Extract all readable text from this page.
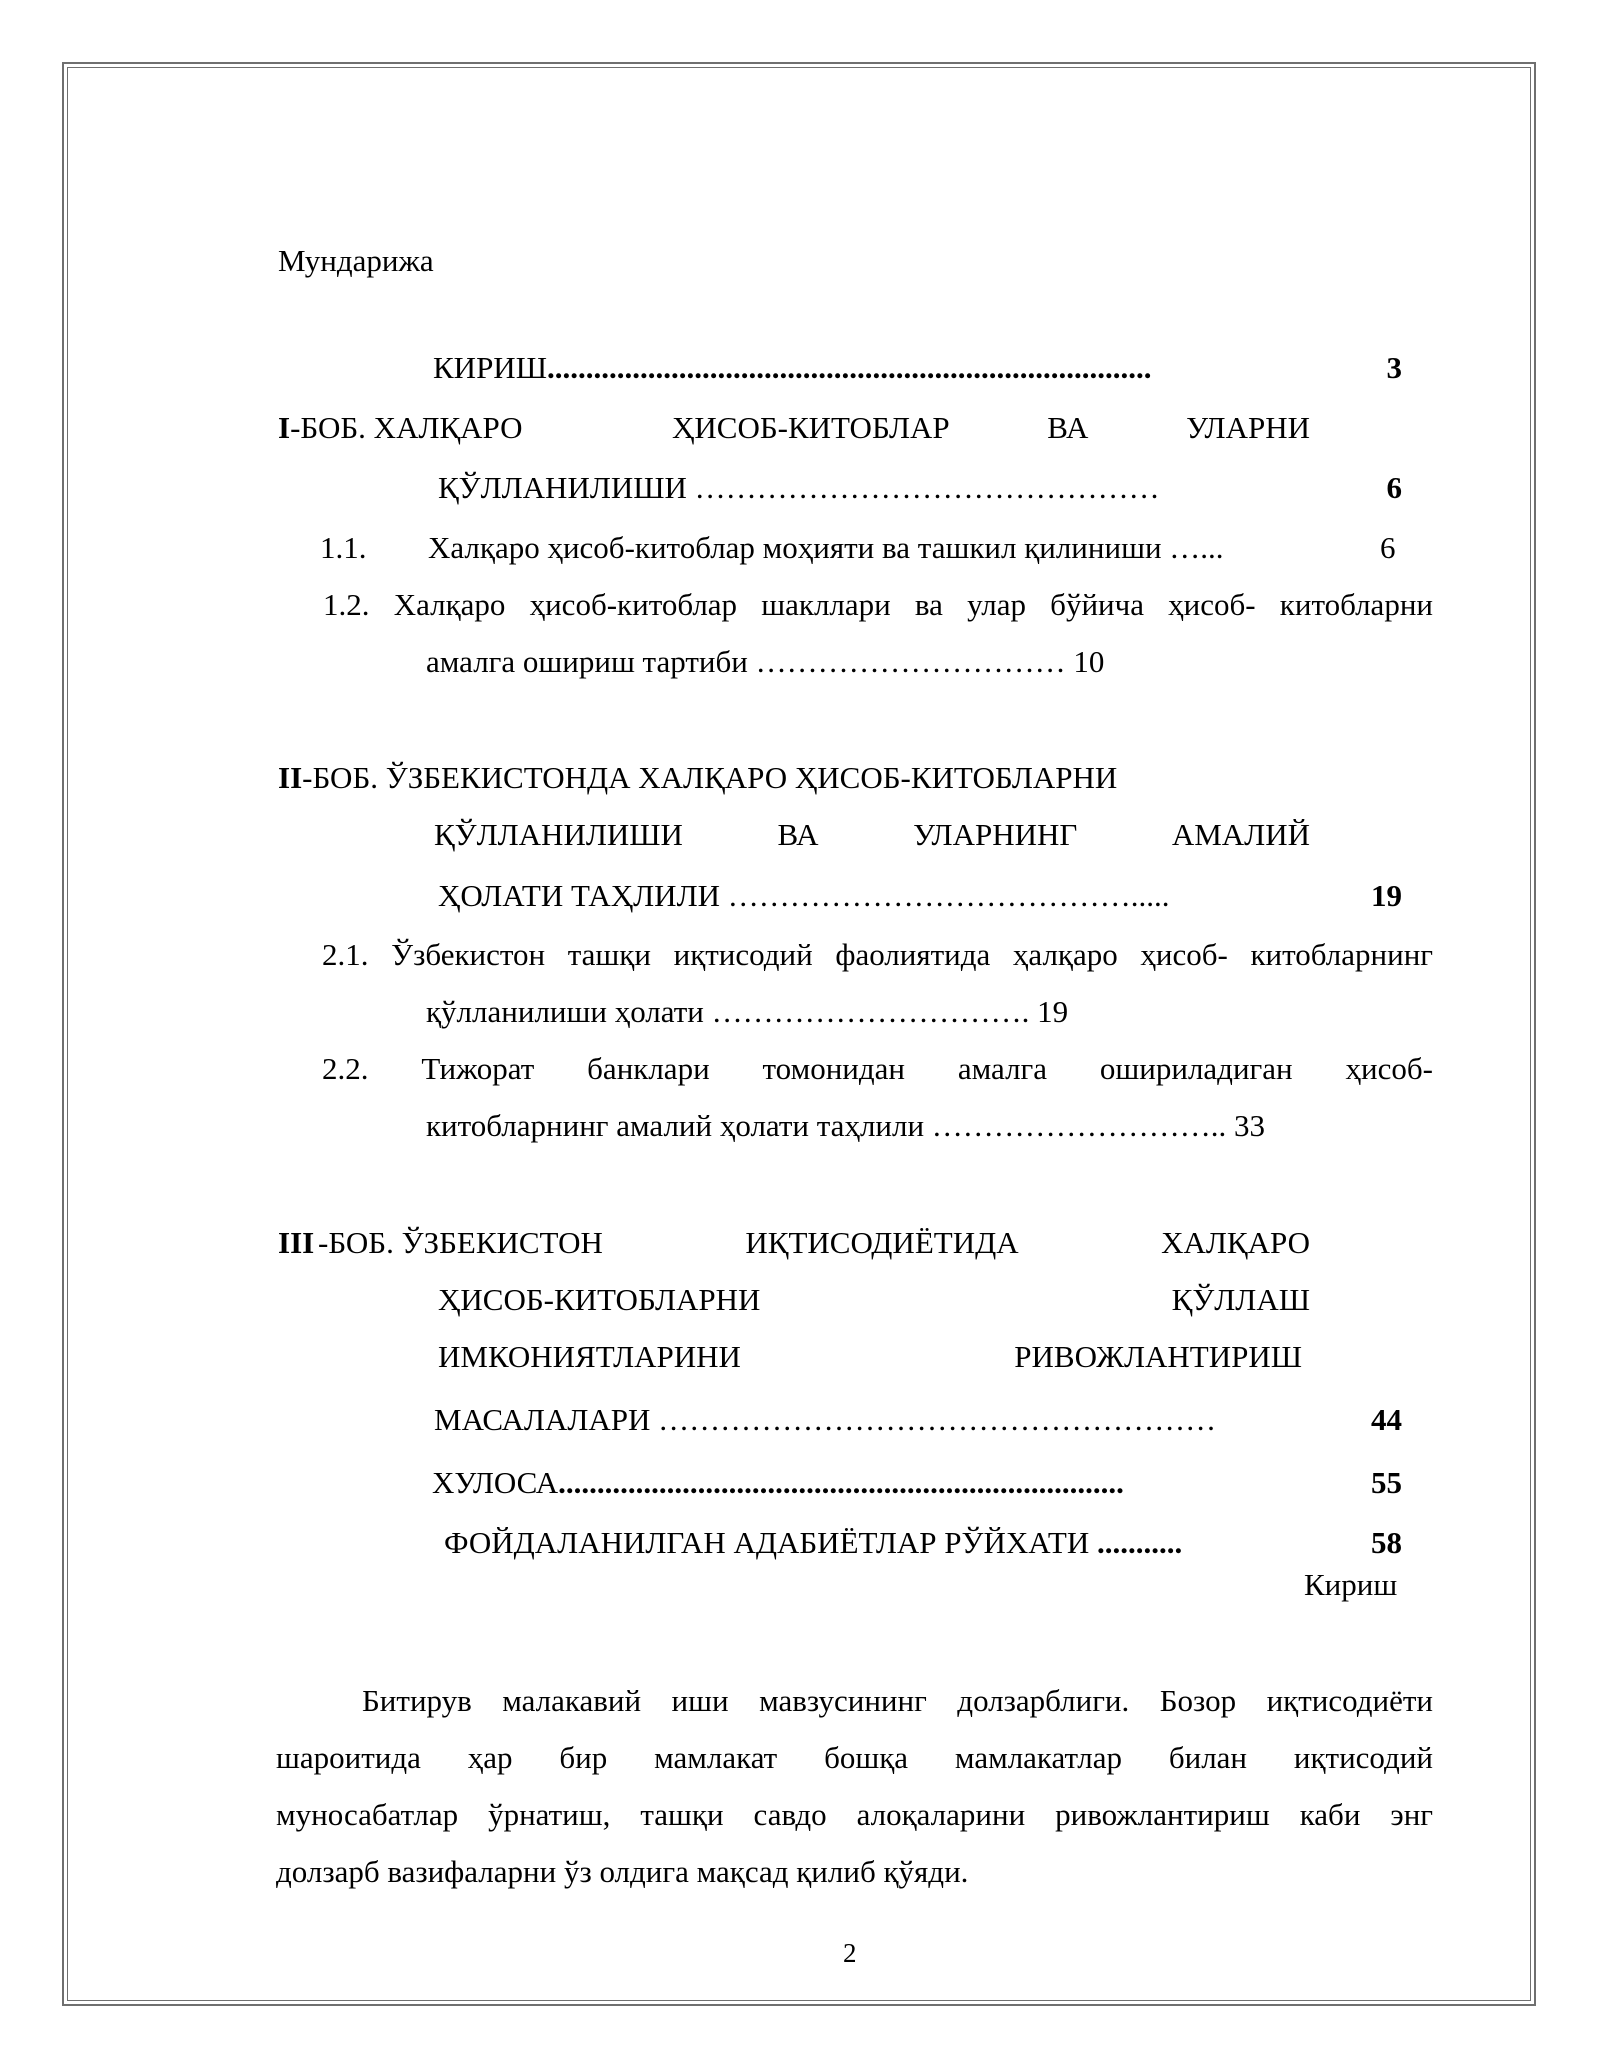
Мундарижа
КИРИШ..............................................................................	3
I-БОБ. ХАЛҚАРО	ҲИСОБ-КИТОБЛАР	ВА	УЛАРНИ
ҚЎЛЛАНИЛИШИ ………………………………………	6
1.1. Халқаро ҳисоб-китоблар моҳияти ва ташкил қилиниши …...	6
1.2. Халқаро ҳисоб-китоблар шакллари ва улар бўйича ҳисоб- китобларни
амалга ошириш тартиби ………………………… 10
II-БОБ. ЎЗБЕКИСТОНДА ХАЛҚАРО ҲИСОБ-КИТОБЛАРНИ
ҚЎЛЛАНИЛИШИ	ВА	УЛАРНИНГ	АМАЛИЙ
ҲОЛАТИ ТАҲЛИЛИ ………………………………….....	19
2.1. Ўзбекистон ташқи иқтисодий фаолиятида ҳалқаро ҳисоб- китобларнинг
қўлланилиши ҳолати …………………………. 19
2.2. Тижорат банклари томонидан амалга ошириладиган ҳисоб-
китобларнинг амалий ҳолати таҳлили ……………………….. 33
III -БОБ. ЎЗБЕКИСТОН	ИҚТИСОДИЁТИДА	ХАЛҚАРО
ҲИСОБ-КИТОБЛАРНИ	ҚЎЛЛАШ
ИМКОНИЯТЛАРИНИ	РИВОЖЛАНТИРИШ
МАСАЛАЛАРИ ………………………………………………	44
ХУЛОСА.........................................................................	55
ФОЙДАЛАНИЛГАН АДАБИЁТЛАР РЎЙХАТИ ...........	58
Кириш
Битирув малакавий иши мавзусининг долзарблиги. Бозор иқтисодиёти
шароитида ҳар бир мамлакат бошқа мамлакатлар билан иқтисодий
муносабатлар ўрнатиш, ташқи савдо алоқаларини ривожлантириш каби энг
долзарб вазифаларни ўз олдига мақсад қилиб қўяди.
2
